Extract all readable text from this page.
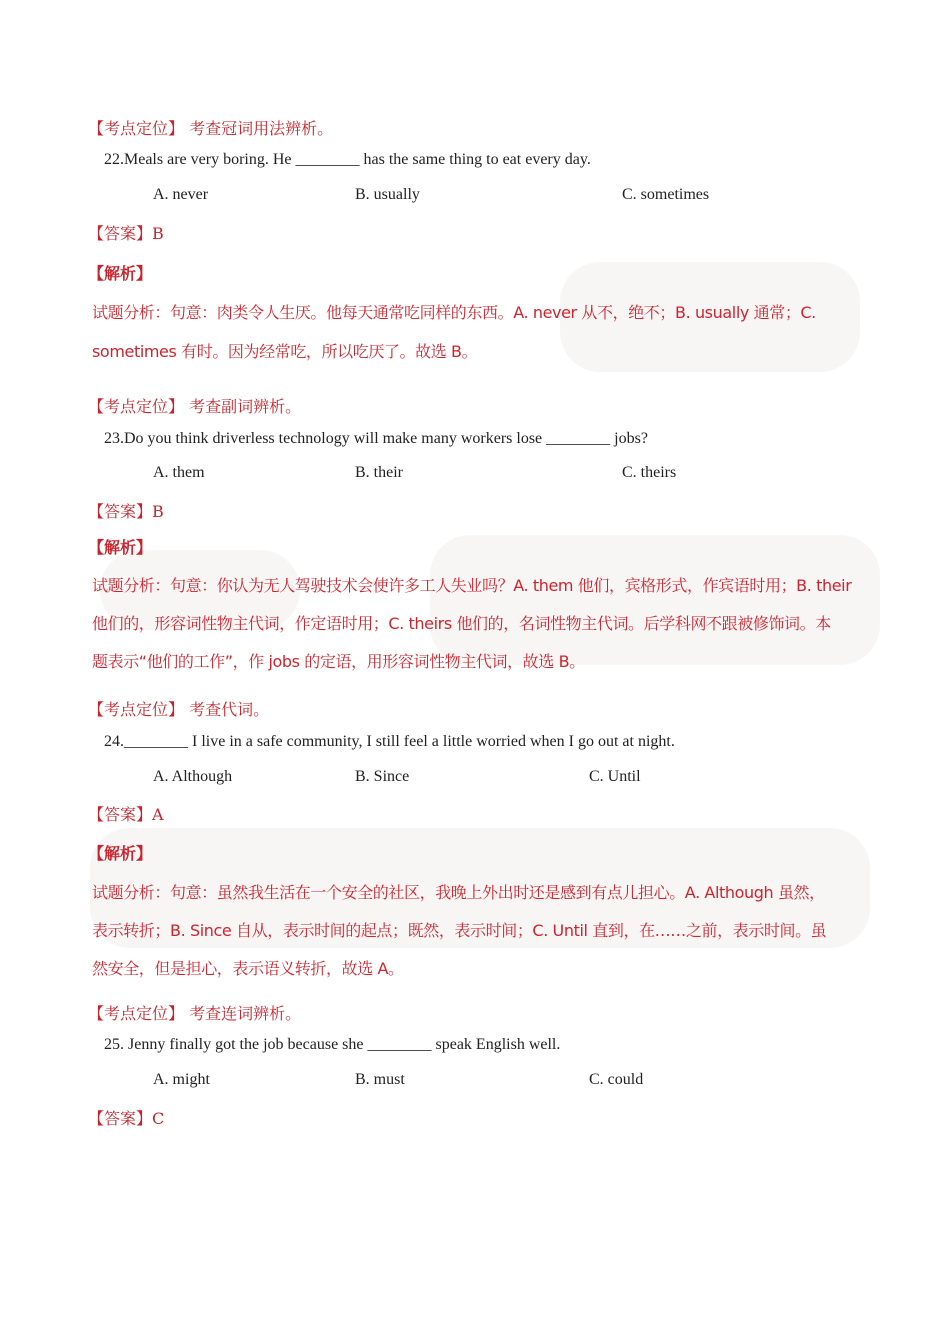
【考点定位】 考查冠词用法辨析。
22.Meals are very boring. He ________ has the same thing to eat every day.
A. never	B. usually	C. sometimes
【答案】B
【解析】
试题分析：句意：肉类令人生厌。他每天通常吃同样的东西。A. never 从不，绝不；B. usually 通常；C.
sometimes 有时。因为经常吃，所以吃厌了。故选 B。
【考点定位】 考查副词辨析。
23.Do you think driverless technology will make many workers lose ________ jobs?
A. them	B. their	C. theirs
【答案】B
【解析】
试题分析：句意：你认为无人驾驶技术会使许多工人失业吗？A. them 他们，宾格形式，作宾语时用；B. their
他们的，形容词性物主代词，作定语时用；C. theirs 他们的，名词性物主代词。后学科网不跟被修饰词。本
题表示“他们的工作”，作 jobs 的定语，用形容词性物主代词，故选 B。
【考点定位】 考查代词。
24.________ I live in a safe community, I still feel a little worried when I go out at night.
A. Although	B. Since	C. Until
【答案】A
【解析】
试题分析：句意：虽然我生活在一个安全的社区，我晚上外出时还是感到有点儿担心。A. Although 虽然，
表示转折；B. Since 自从，表示时间的起点；既然，表示时间；C. Until 直到，在……之前，表示时间。虽
然安全，但是担心，表示语义转折，故选 A。
【考点定位】 考查连词辨析。
25. Jenny finally got the job because she ________ speak English well.
A. might	B. must	C. could
【答案】C
